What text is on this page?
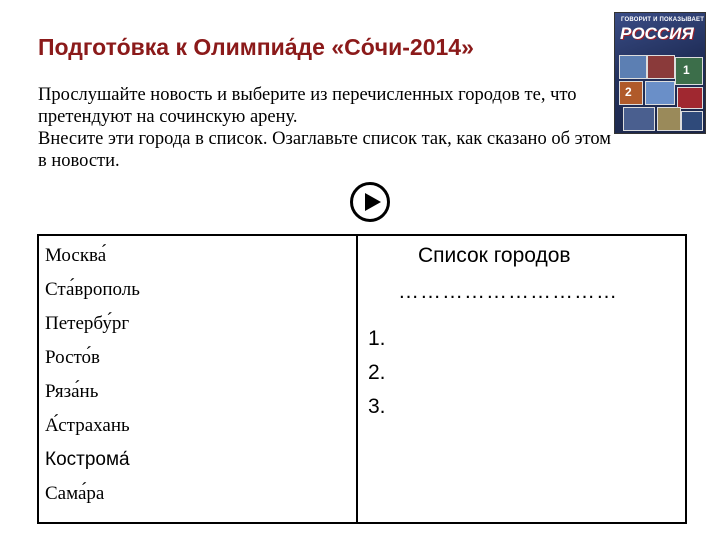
Подгото́вка к Олимпиа́де «Со́чи-2014»
ГОВОРИТ И ПОКАЗЫВАЕТ
РОССИЯ
1
2

Прослушайте новость и выберите из перечисленных городов те, что претендуют на сочинскую арену.

Внесите эти города в список. Озаглавьте список так, как сказано об этом в новости.

Москва́
Ста́врополь
Петербу́рг
Росто́в
Ряза́нь
А́страхань
Кострома́
Сама́ра
Список городов
…………………………
1.
2.
3.
